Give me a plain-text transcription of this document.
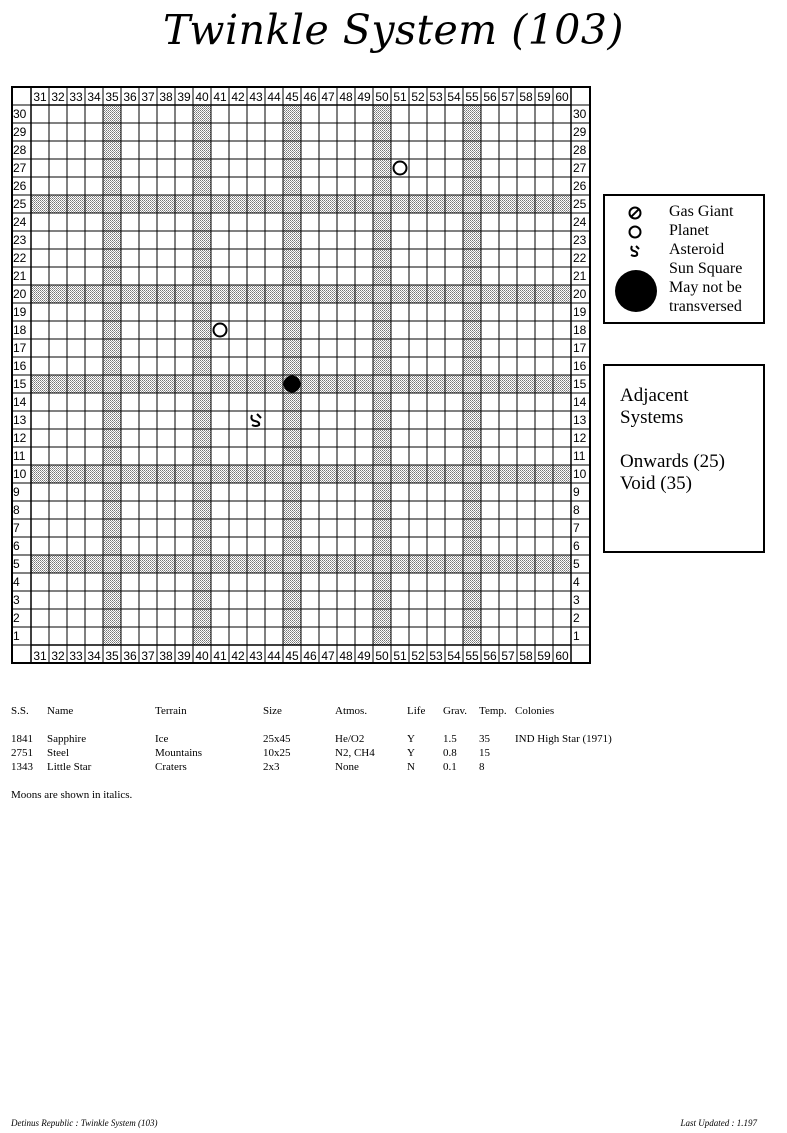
Twinkle System (103)
31
31
32
32
33
33
34
34
35
35
36
36
37
37
38
38
39
39
40
40
41
41
42
42
43
43
44
44
45
45
46
46
47
47
48
48
49
49
50
50
51
51
52
52
53
53
54
54
55
55
56
56
57
57
58
58
59
59
60
60
30	30
29	29
28	28
27	27
26	26
25	25
24	24
23	23
22	22
21	21
20	20
19	19
18	18
17	17
16	16
15	15
14	14
13	13
12	12
11	11
10	10
9	9
8	8
7	7
6	6
5	5
4	4
3	3
2	2
1	1
Gas Giant
Planet
Asteroid
Sun Square
May not be
transversed
Adjacent
Systems
Onwards (25)
Void (35)
S.S. Name	Terrain	Size	Atmos.	Life Grav. Temp. Colonies
1841 Sapphire	Ice	25x45	He/O2	Y	1.5 35 IND High Star (1971)
2751 Steel	Mountains	10x25	N2, CH4	Y	0.8 15
1343 Little Star	Craters	2x3	None	N	0.1 8
Moons are shown in italics.
Detinus Republic : Twinkle System (103)	Last Updated : 1.197
